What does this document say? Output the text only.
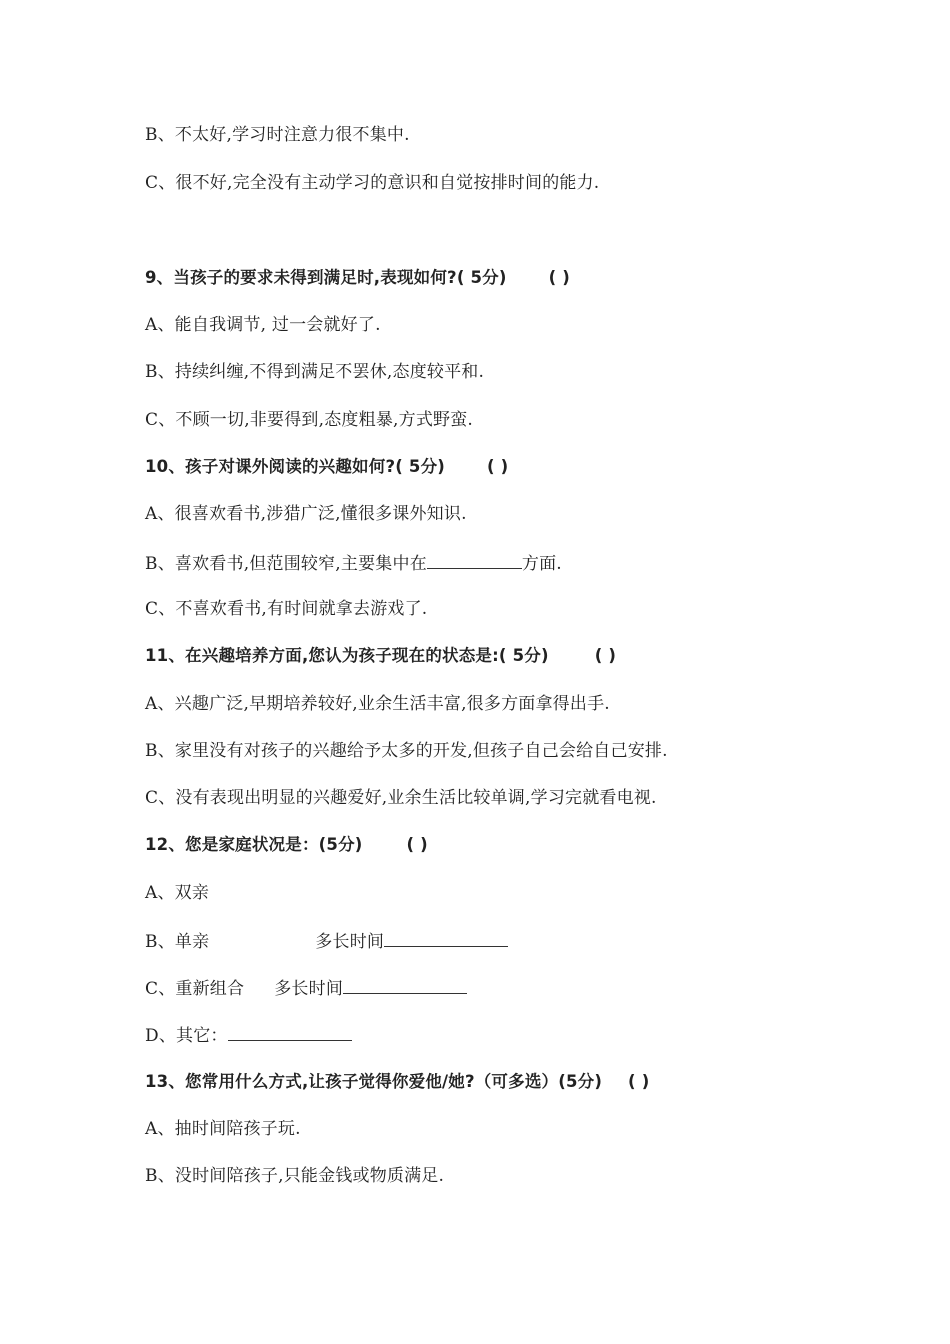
B、不太好,学习时注意力很不集中.
C、很不好,完全没有主动学习的意识和自觉按排时间的能力.
9、当孩子的要求未得到满足时,表现如何?( 5分)	( )
A、能自我调节, 过一会就好了.
B、持续纠缠,不得到满足不罢休,态度较平和.
C、不顾一切,非要得到,态度粗暴,方式野蛮.
10、孩子对课外阅读的兴趣如何?( 5分)	( )
A、很喜欢看书,涉猎广泛,懂很多课外知识.
B、喜欢看书,但范围较窄,主要集中在	方面.
C、不喜欢看书,有时间就拿去游戏了.
11、在兴趣培养方面,您认为孩子现在的状态是:( 5分)	( )
A、兴趣广泛,早期培养较好,业余生活丰富,很多方面拿得出手.
B、家里没有对孩子的兴趣给予太多的开发,但孩子自己会给自己安排.
C、没有表现出明显的兴趣爱好,业余生活比较单调,学习完就看电视.
12、您是家庭状况是：(5分)	( )
A、双亲
B、单亲	多长时间
C、重新组合 多长时间
D、其它：
13、您常用什么方式,让孩子觉得你爱他/她?（可多选）(5分) ( )
A、抽时间陪孩子玩.
B、没时间陪孩子,只能金钱或物质满足.
